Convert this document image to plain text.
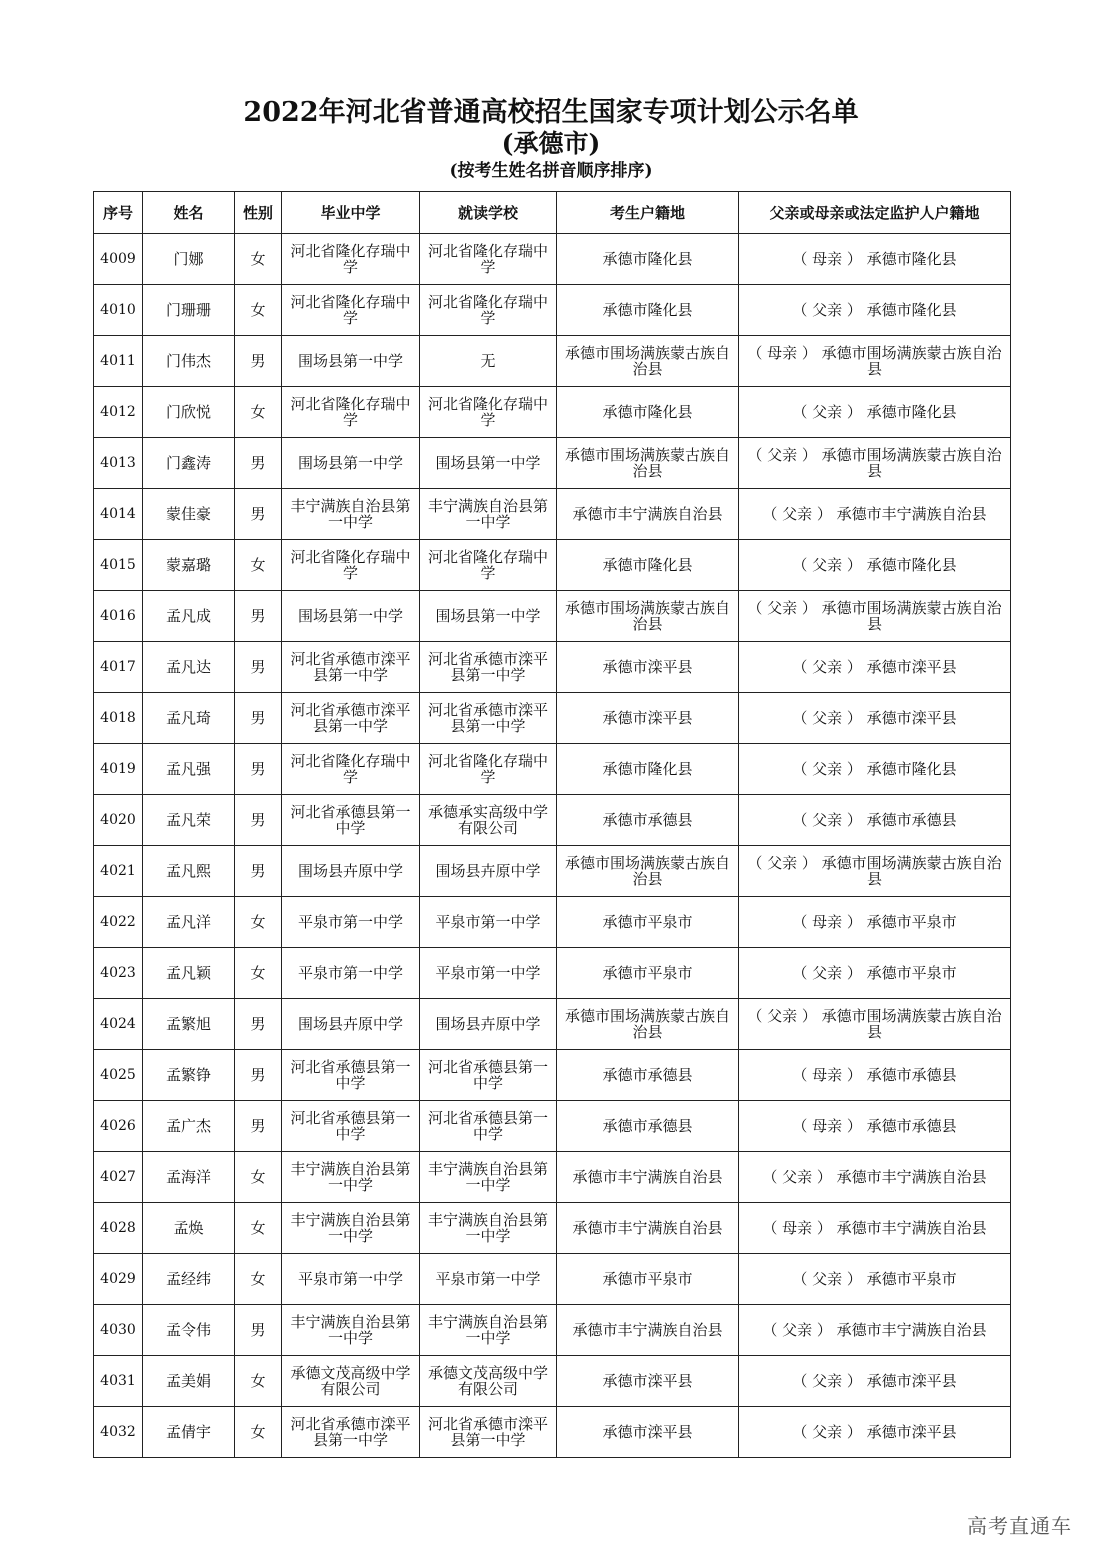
2022年河北省普通高校招生国家专项计划公示名单
(承德市)
(按考生姓名拼音顺序排序)
序号	姓名	性别	毕业中学	就读学校	考生户籍地	父亲或母亲或法定监护人户籍地
4009	门娜	女	河北省隆化存瑞中学	河北省隆化存瑞中学	承德市隆化县	（ 母亲 ） 承德市隆化县
4010	门珊珊	女	河北省隆化存瑞中学	河北省隆化存瑞中学	承德市隆化县	（ 父亲 ） 承德市隆化县
4011	门伟杰	男	围场县第一中学	无	承德市围场满族蒙古族自治县	（ 母亲 ） 承德市围场满族蒙古族自治县
4012	门欣悦	女	河北省隆化存瑞中学	河北省隆化存瑞中学	承德市隆化县	（ 父亲 ） 承德市隆化县
4013	门鑫涛	男	围场县第一中学	围场县第一中学	承德市围场满族蒙古族自治县	（ 父亲 ） 承德市围场满族蒙古族自治县
4014	蒙佳豪	男	丰宁满族自治县第一中学	丰宁满族自治县第一中学	承德市丰宁满族自治县	（ 父亲 ） 承德市丰宁满族自治县
4015	蒙嘉璐	女	河北省隆化存瑞中学	河北省隆化存瑞中学	承德市隆化县	（ 父亲 ） 承德市隆化县
4016	孟凡成	男	围场县第一中学	围场县第一中学	承德市围场满族蒙古族自治县	（ 父亲 ） 承德市围场满族蒙古族自治县
4017	孟凡达	男	河北省承德市滦平县第一中学	河北省承德市滦平县第一中学	承德市滦平县	（ 父亲 ） 承德市滦平县
4018	孟凡琦	男	河北省承德市滦平县第一中学	河北省承德市滦平县第一中学	承德市滦平县	（ 父亲 ） 承德市滦平县
4019	孟凡强	男	河北省隆化存瑞中学	河北省隆化存瑞中学	承德市隆化县	（ 父亲 ） 承德市隆化县
4020	孟凡荣	男	河北省承德县第一中学	承德承实高级中学有限公司	承德市承德县	（ 父亲 ） 承德市承德县
4021	孟凡熙	男	围场县卉原中学	围场县卉原中学	承德市围场满族蒙古族自治县	（ 父亲 ） 承德市围场满族蒙古族自治县
4022	孟凡洋	女	平泉市第一中学	平泉市第一中学	承德市平泉市	（ 母亲 ） 承德市平泉市
4023	孟凡颖	女	平泉市第一中学	平泉市第一中学	承德市平泉市	（ 父亲 ） 承德市平泉市
4024	孟繁旭	男	围场县卉原中学	围场县卉原中学	承德市围场满族蒙古族自治县	（ 父亲 ） 承德市围场满族蒙古族自治县
4025	孟繁铮	男	河北省承德县第一中学	河北省承德县第一中学	承德市承德县	（ 母亲 ） 承德市承德县
4026	孟广杰	男	河北省承德县第一中学	河北省承德县第一中学	承德市承德县	（ 母亲 ） 承德市承德县
4027	孟海洋	女	丰宁满族自治县第一中学	丰宁满族自治县第一中学	承德市丰宁满族自治县	（ 父亲 ） 承德市丰宁满族自治县
4028	孟焕	女	丰宁满族自治县第一中学	丰宁满族自治县第一中学	承德市丰宁满族自治县	（ 母亲 ） 承德市丰宁满族自治县
4029	孟经纬	女	平泉市第一中学	平泉市第一中学	承德市平泉市	（ 父亲 ） 承德市平泉市
4030	孟令伟	男	丰宁满族自治县第一中学	丰宁满族自治县第一中学	承德市丰宁满族自治县	（ 父亲 ） 承德市丰宁满族自治县
4031	孟美娟	女	承德文茂高级中学有限公司	承德文茂高级中学有限公司	承德市滦平县	（ 父亲 ） 承德市滦平县
4032	孟倩宇	女	河北省承德市滦平县第一中学	河北省承德市滦平县第一中学	承德市滦平县	（ 父亲 ） 承德市滦平县
高考直通车
